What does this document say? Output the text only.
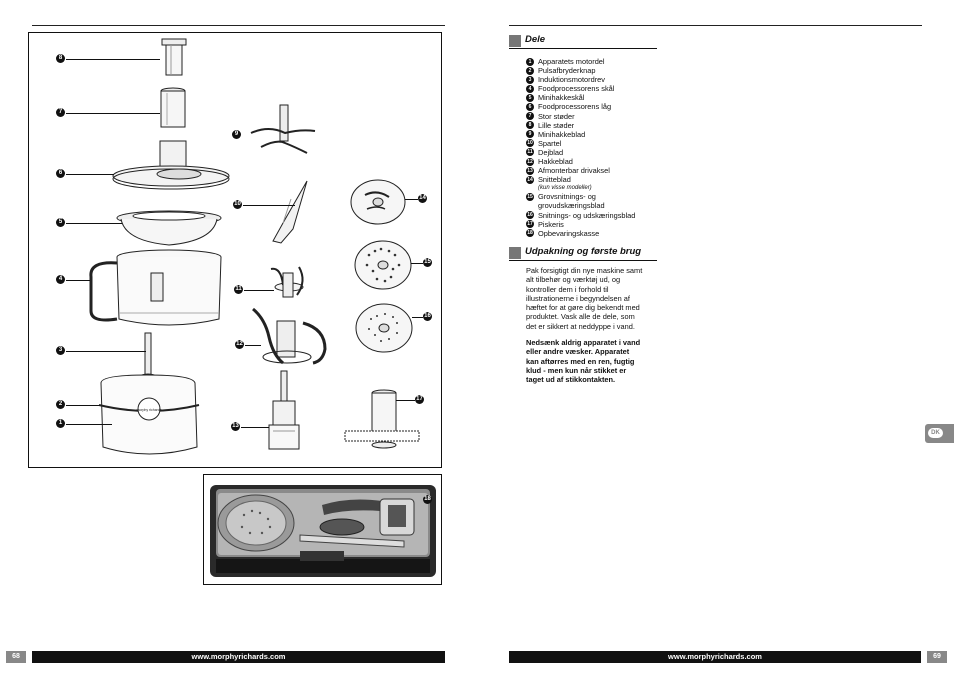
morphy richards
8
7
6
5
4
3
2
1
9
10
11
12
13
14
15
16
17
18
Dele
1 Apparatets motordel
2 Pulsafbryderknap
3 Induktionsmotordrev
4 Foodprocessorens skål
5 Minihakkeskål
6 Foodprocessorens låg
7 Stor støder
8 Lille støder
9 Minihakkeblad
10 Spartel
11 Dejblad
12 Hakkeblad
13 Afmonterbar drivaksel
14 Snitteblad
(kun visse modeller)
15 Grovsnitnings- og
grovudskæringsblad
16 Snitnings- og udskæringsblad
17 Piskeris
18 Opbevaringskasse
Udpakning og første brug
Pak forsigtigt din nye maskine samt
alt tilbehør og værktøj ud, og
kontroller dem i forhold til
illustrationerne i begyndelsen af
hæftet for at gøre dig bekendt med
produktet. Vask alle de dele, som
det er sikkert at neddyppe i vand.
Nedsænk aldrig apparatet i vand
eller andre væsker. Apparatet
kan aftørres med en ren, fugtig
klud - men kun når stikket er
taget ud af stikkontakten.
DK
68	www.morphyrichards.com	www.morphyrichards.com	69
